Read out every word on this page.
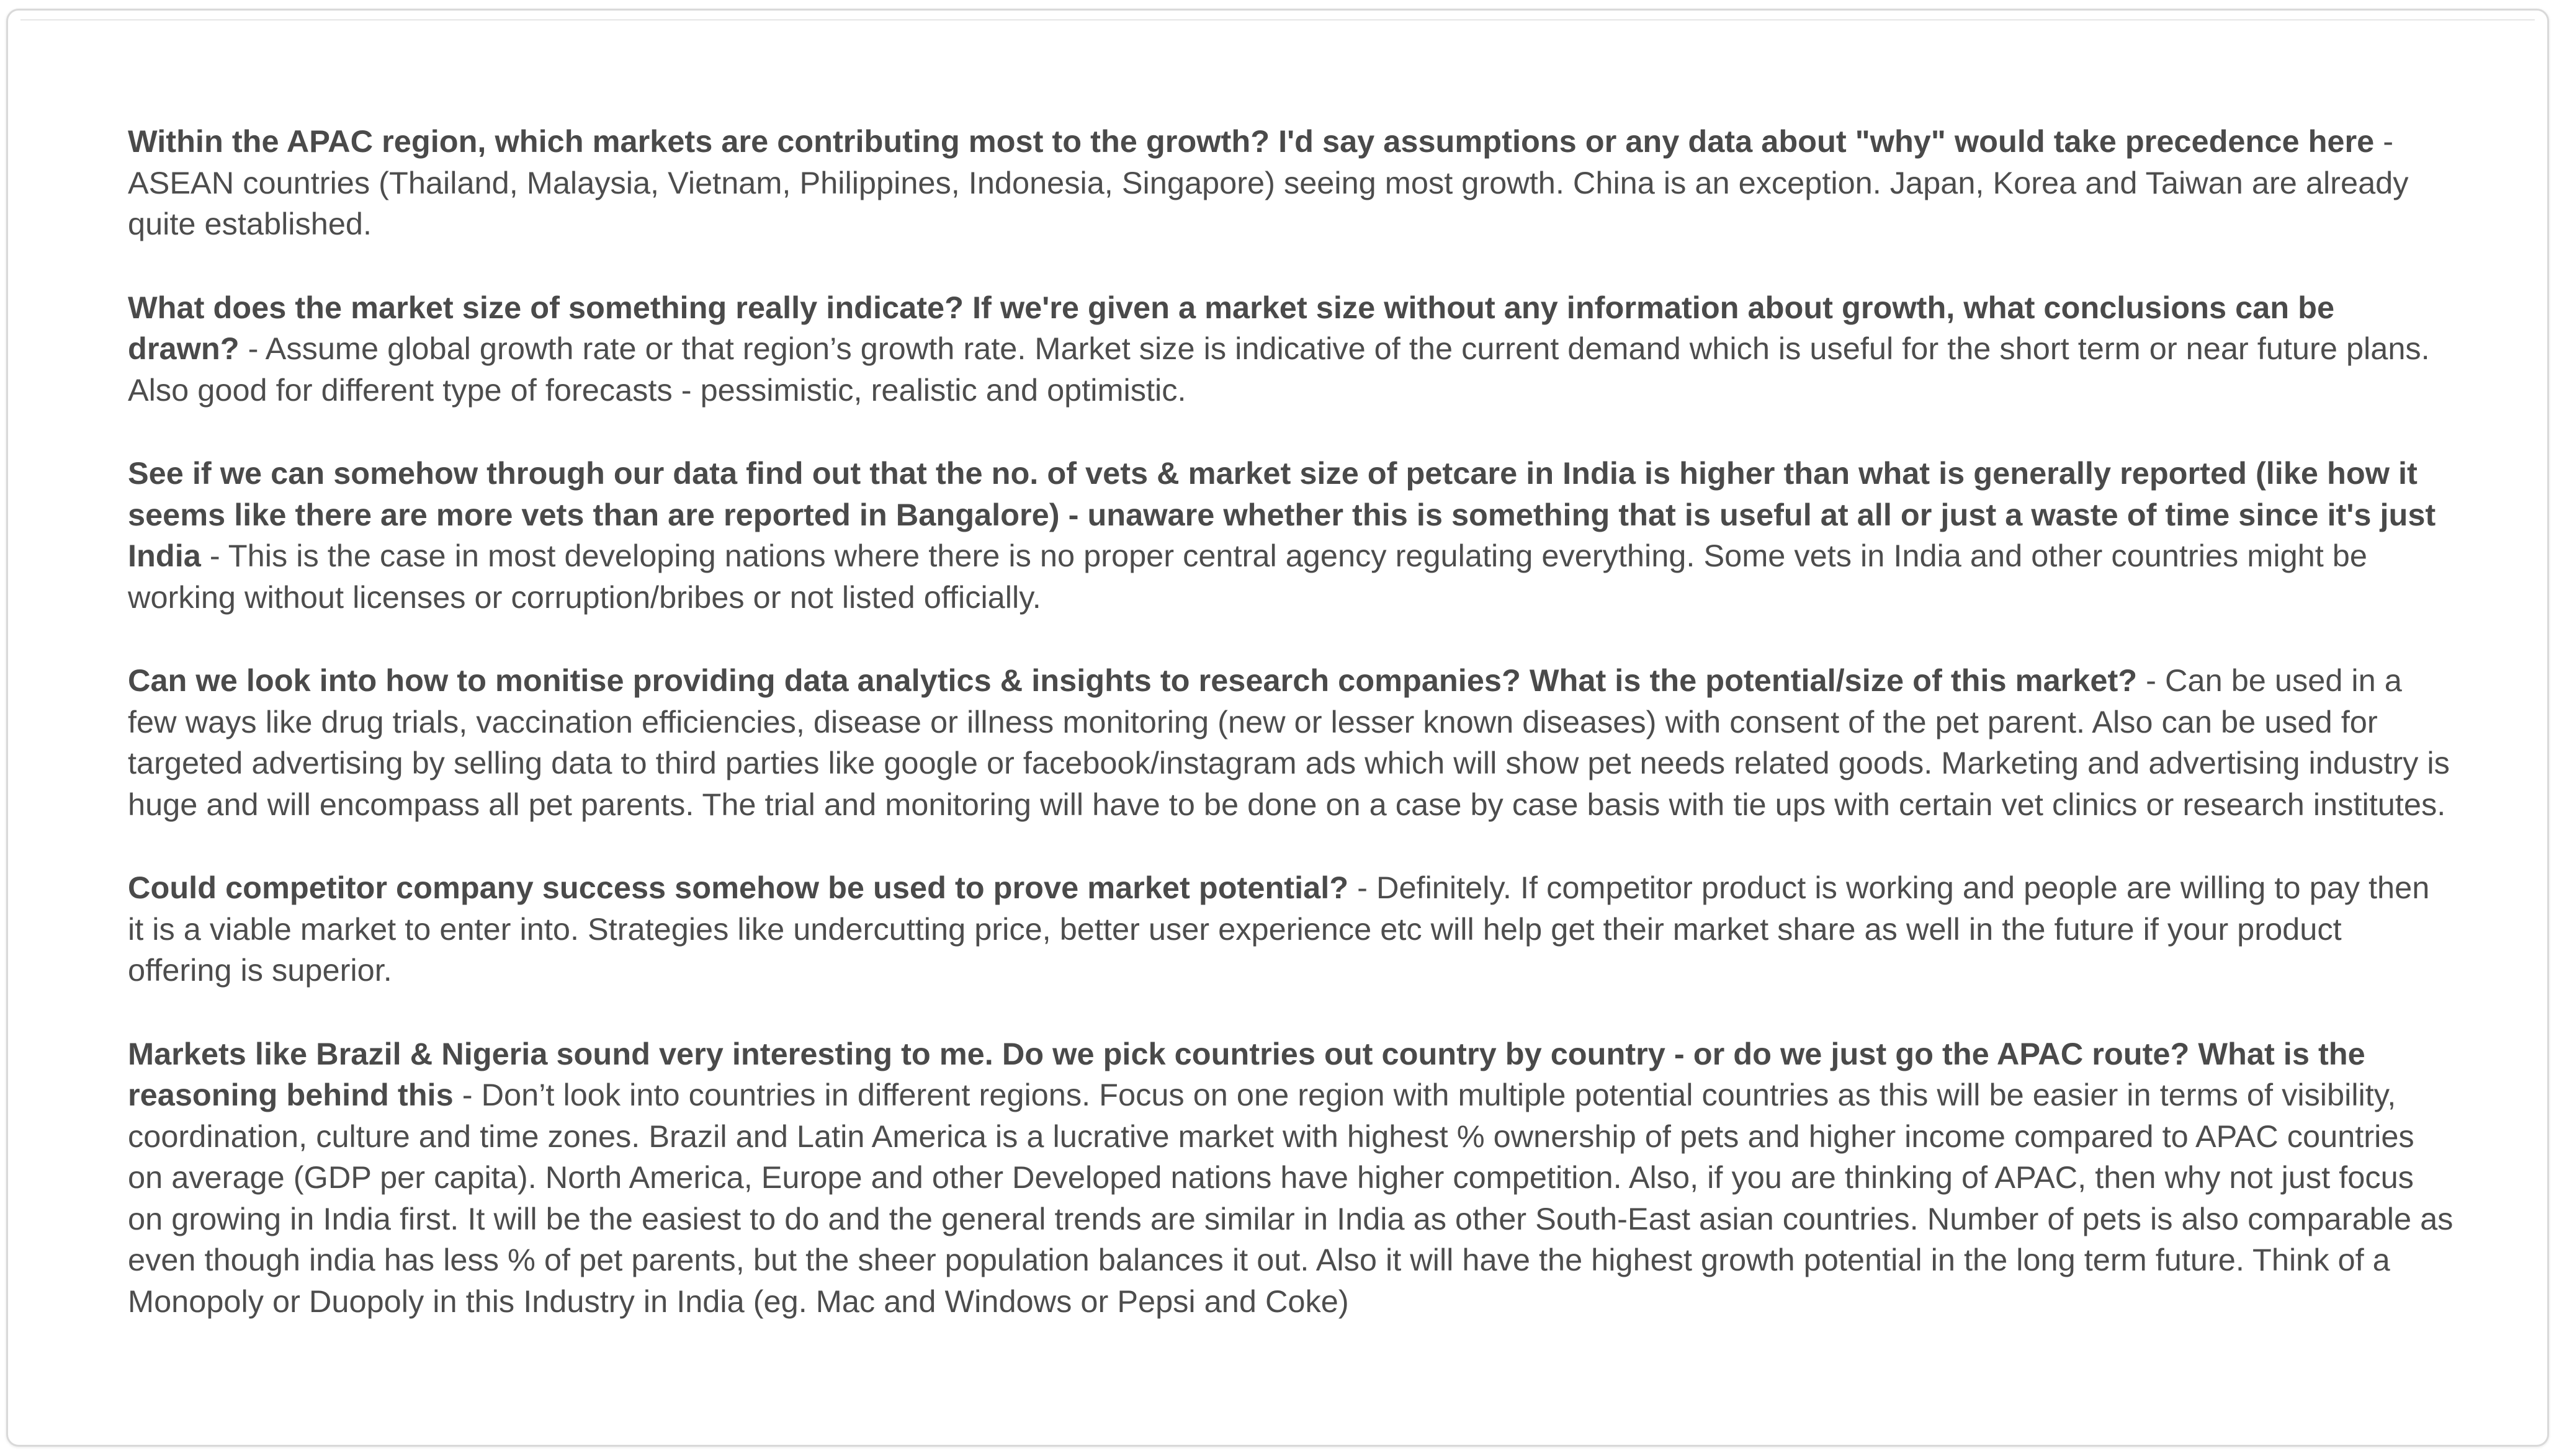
Within the APAC region, which markets are contributing most to the growth? I'd say assumptions or any data about "why" would take precedence here - ASEAN countries (Thailand, Malaysia, Vietnam, Philippines, Indonesia, Singapore) seeing most growth. China is an exception. Japan, Korea and Taiwan are already quite established.

What does the market size of something really indicate? If we're given a market size without any information about growth, what conclusions can be drawn? - Assume global growth rate or that region’s growth rate. Market size is indicative of the current demand which is useful for the short term or near future plans. Also good for different type of forecasts - pessimistic, realistic and optimistic.

See if we can somehow through our data find out that the no. of vets & market size of petcare in India is higher than what is generally reported (like how it seems like there are more vets than are reported in Bangalore) - unaware whether this is something that is useful at all or just a waste of time since it's just India - This is the case in most developing nations where there is no proper central agency regulating everything. Some vets in India and other countries might be working without licenses or corruption/bribes or not listed officially.

Can we look into how to monitise providing data analytics & insights to research companies? What is the potential/size of this market? - Can be used in a few ways like drug trials, vaccination efficiencies, disease or illness monitoring (new or lesser known diseases) with consent of the pet parent. Also can be used for targeted advertising by selling data to third parties like google or facebook/instagram ads which will show pet needs related goods. Marketing and advertising industry is huge and will encompass all pet parents. The trial and monitoring will have to be done on a case by case basis with tie ups with certain vet clinics or research institutes.

Could competitor company success somehow be used to prove market potential? - Definitely. If competitor product is working and people are willing to pay then it is a viable market to enter into. Strategies like undercutting price, better user experience etc will help get their market share as well in the future if your product offering is superior.

Markets like Brazil & Nigeria sound very interesting to me. Do we pick countries out country by country - or do we just go the APAC route? What is the reasoning behind this - Don’t look into countries in different regions. Focus on one region with multiple potential countries as this will be easier in terms of visibility, coordination, culture and time zones. Brazil and Latin America is a lucrative market with highest % ownership of pets and higher income compared to APAC countries on average (GDP per capita). North America, Europe and other Developed nations have higher competition. Also, if you are thinking of APAC, then why not just focus on growing in India first. It will be the easiest to do and the general trends are similar in India as other South-East asian countries. Number of pets is also comparable as even though india has less % of pet parents, but the sheer population balances it out. Also it will have the highest growth potential in the long term future. Think of a Monopoly or Duopoly in this Industry in India (eg. Mac and Windows or Pepsi and Coke)
